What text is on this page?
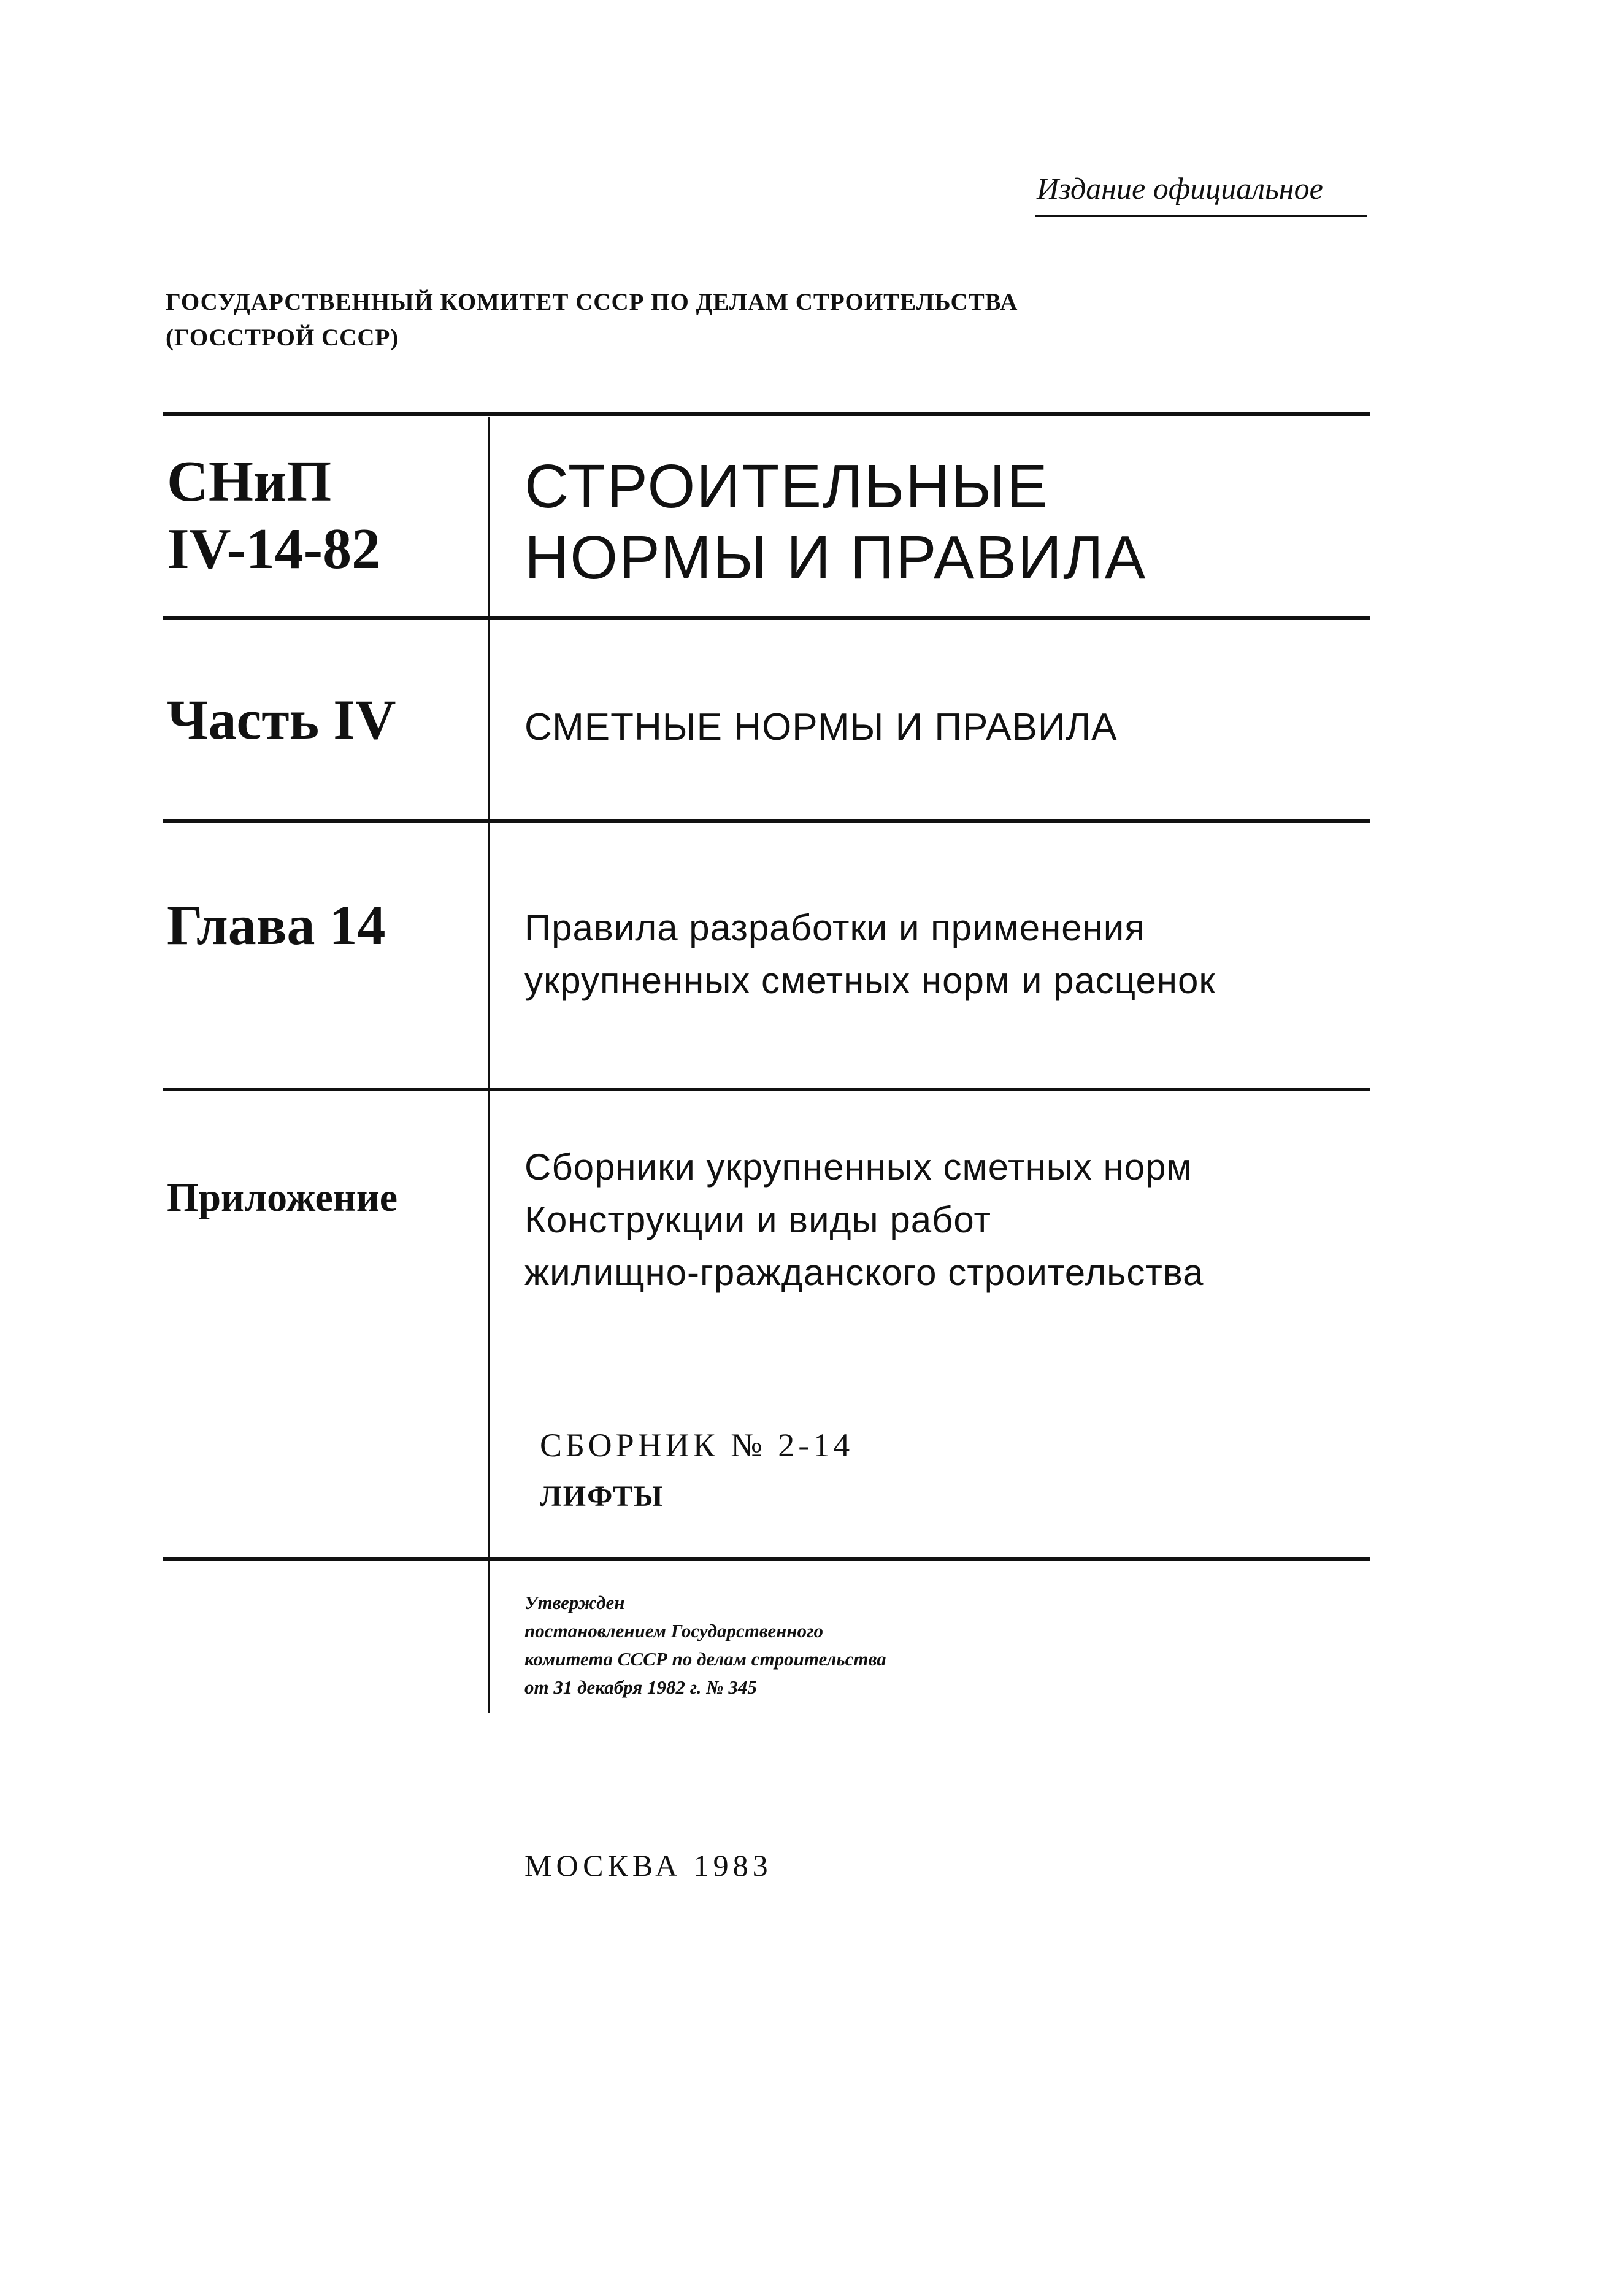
Издание официальное
ГОСУДАРСТВЕННЫЙ КОМИТЕТ СССР ПО ДЕЛАМ СТРОИТЕЛЬСТВА
(ГОССТРОЙ СССР)
СНиП
IV-14-82
СТРОИТЕЛЬНЫЕ
НОРМЫ И ПРАВИЛА
Часть IV	СМЕТНЫЕ НОРМЫ И ПРАВИЛА
Глава 14	Правила разработки и применения
укрупненных сметных норм и расценок
Приложение
Сборники укрупненных сметных норм
Конструкции и виды работ
жилищно-гражданского строительства
СБОРНИК № 2-14
ЛИФТЫ
Утвержден
постановлением Государственного
комитета СССР по делам строительства
от 31 декабря 1982 г. № 345
МОСКВА 1983
